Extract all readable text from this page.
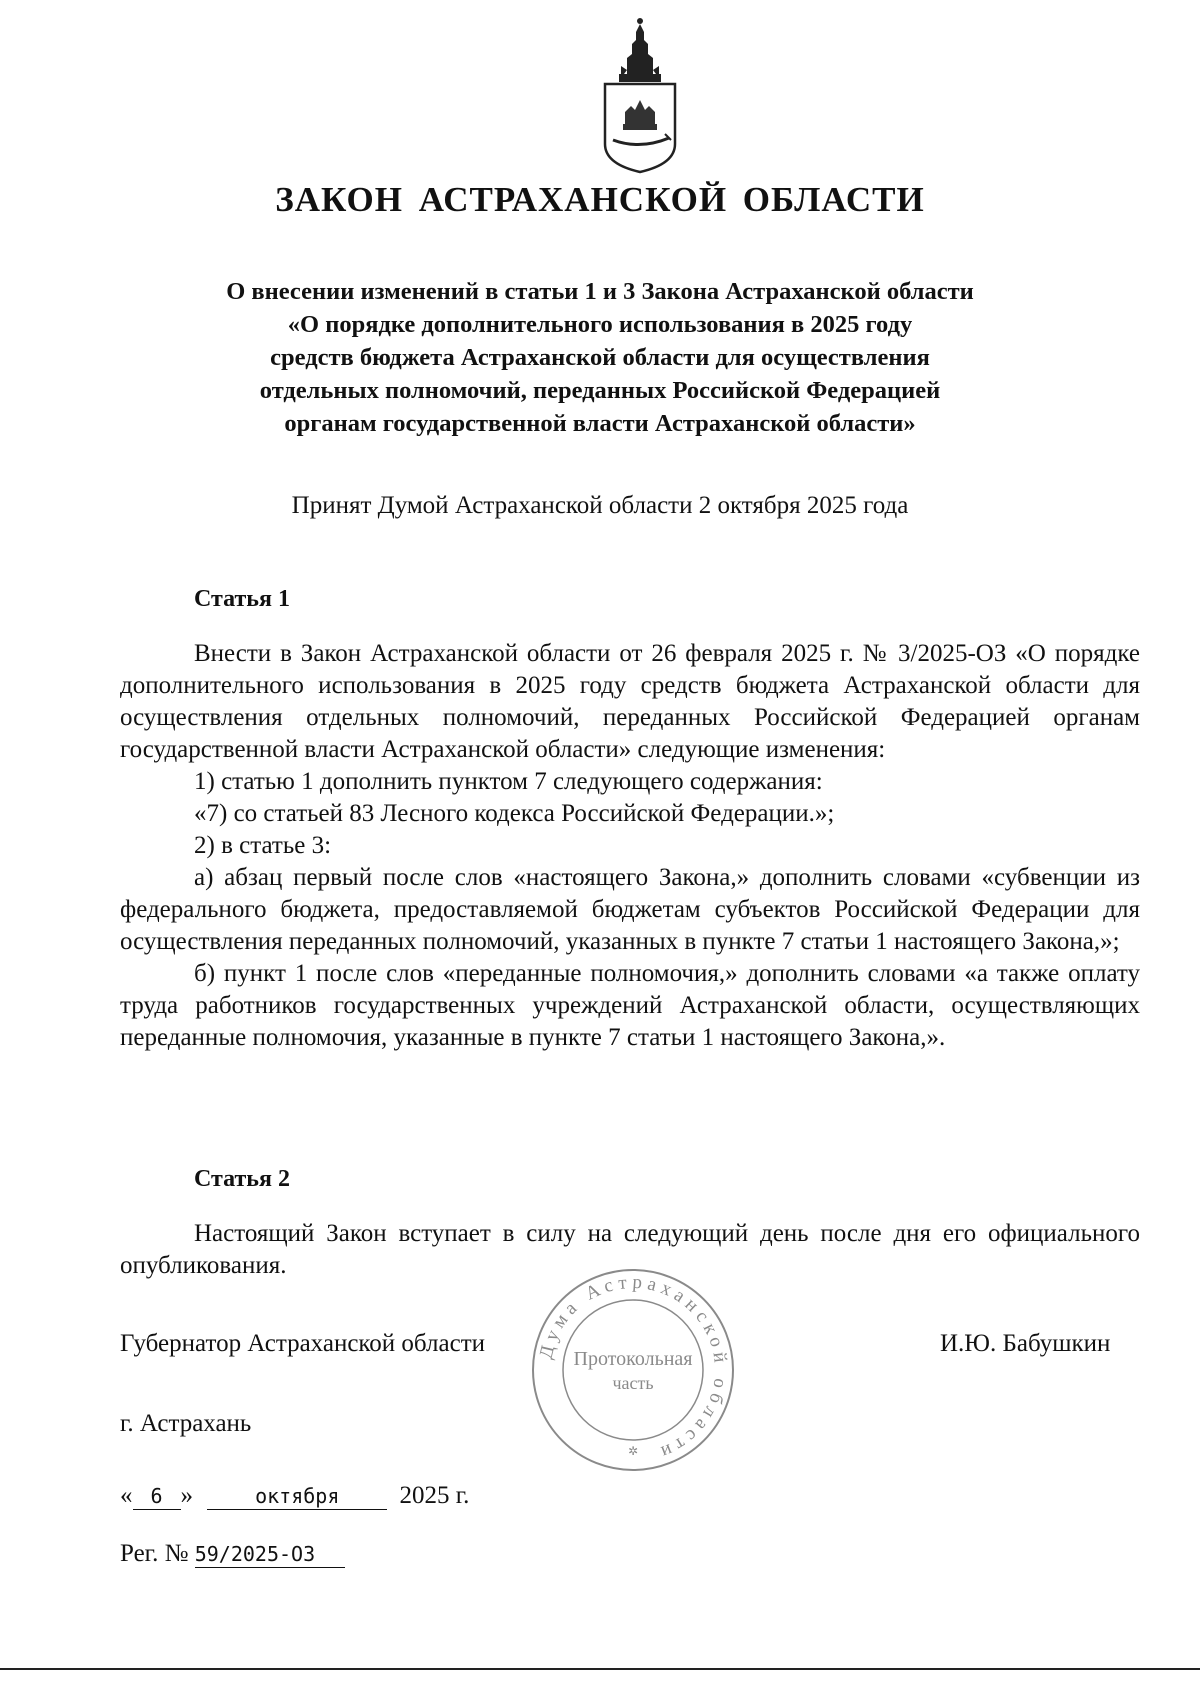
ЗАКОН АСТРАХАНСКОЙ ОБЛАСТИ
О внесении изменений в статьи 1 и 3 Закона Астраханской области
«О порядке дополнительного использования в 2025 году
средств бюджета Астраханской области для осуществления
отдельных полномочий, переданных Российской Федерацией
органам государственной власти Астраханской области»
Принят Думой Астраханской области 2 октября 2025 года
Статья 1

Внести в Закон Астраханской области от 26 февраля 2025 г. № 3/2025-ОЗ «О порядке дополнительного использования в 2025 году средств бюджета Астраханской области для осуществления отдельных полномочий, переданных Российской Федерацией органам государственной власти Астраханской области» следующие изменения:

1) статью 1 дополнить пунктом 7 следующего содержания:

«7) со статьей 83 Лесного кодекса Российской Федерации.»;

2) в статье 3:

а) абзац первый после слов «настоящего Закона,» дополнить словами «субвенции из федерального бюджета, предоставляемой бюджетам субъектов Российской Федерации для осуществления переданных полномочий, указанных в пункте 7 статьи 1 настоящего Закона,»;

б) пункт 1 после слов «переданные полномочия,» дополнить словами «а также оплату труда работников государственных учреждений Астраханской области, осуществляющих переданные полномочия, указанные в пункте 7 статьи 1 настоящего Закона,».

Статья 2

Настоящий Закон вступает в силу на следующий день после дня его официального опубликования.

Губернатор Астраханской области	И.Ю. Бабушкин
г. Астрахань
« 6 »	октября 2025 г.
Рег. № 59/2025-ОЗ
Дума Астраханской области
Протокольная
часть
✲
